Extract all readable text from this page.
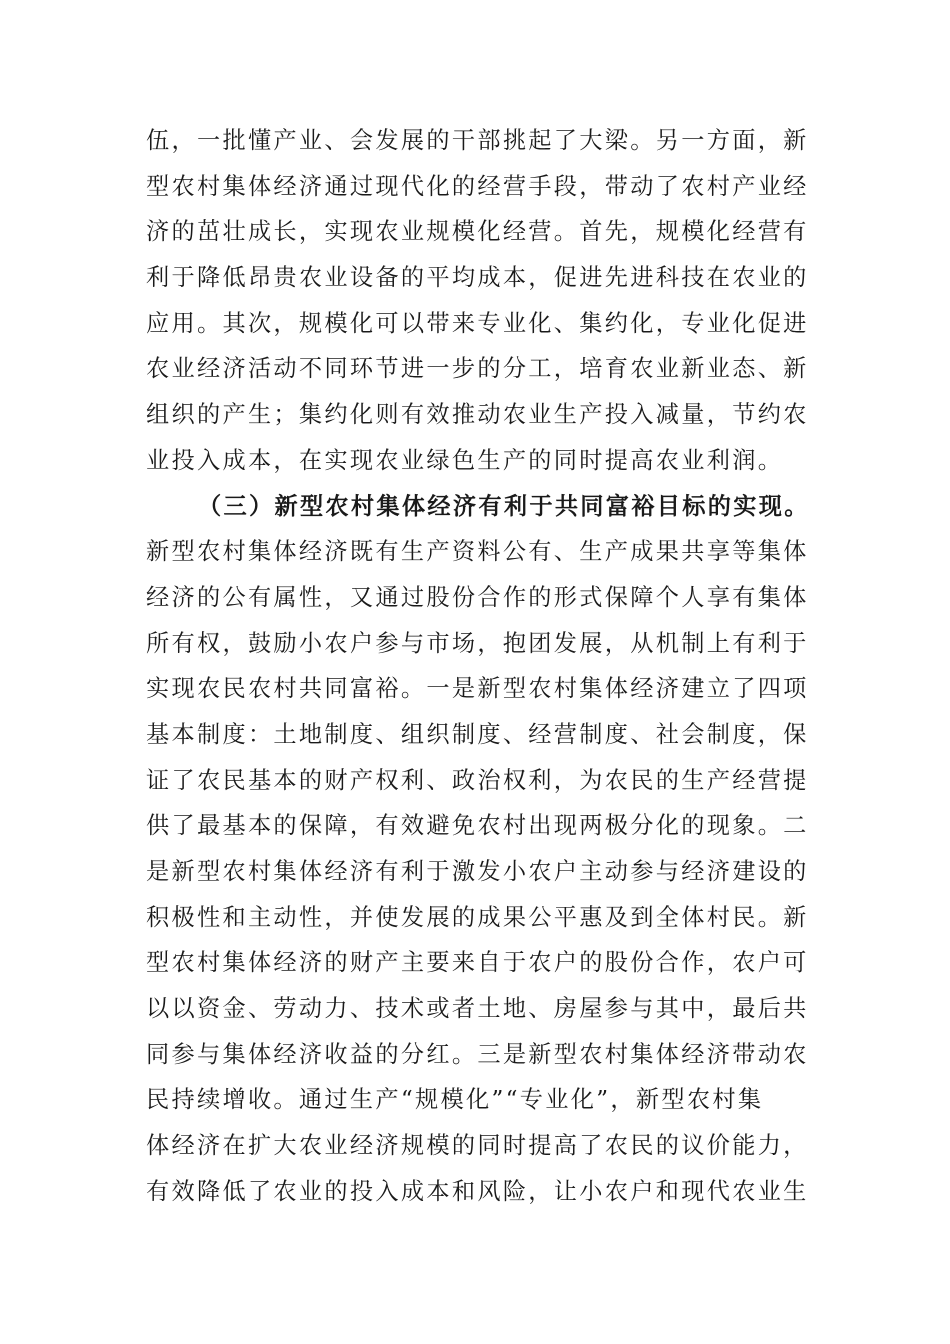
伍，一批懂产业、会发展的干部挑起了大梁。另一方面，新
型农村集体经济通过现代化的经营手段，带动了农村产业经
济的茁壮成长，实现农业规模化经营。首先，规模化经营有
利于降低昂贵农业设备的平均成本，促进先进科技在农业的
应用。其次，规模化可以带来专业化、集约化，专业化促进
农业经济活动不同环节进一步的分工，培育农业新业态、新
组织的产生；集约化则有效推动农业生产投入减量，节约农
业投入成本，在实现农业绿色生产的同时提高农业利润。
（三）新型农村集体经济有利于共同富裕目标的实现。
新型农村集体经济既有生产资料公有、生产成果共享等集体
经济的公有属性，又通过股份合作的形式保障个人享有集体
所有权，鼓励小农户参与市场，抱团发展，从机制上有利于
实现农民农村共同富裕。一是新型农村集体经济建立了四项
基本制度：土地制度、组织制度、经营制度、社会制度，保
证了农民基本的财产权利、政治权利，为农民的生产经营提
供了最基本的保障，有效避免农村出现两极分化的现象。二
是新型农村集体经济有利于激发小农户主动参与经济建设的
积极性和主动性，并使发展的成果公平惠及到全体村民。新
型农村集体经济的财产主要来自于农户的股份合作，农户可
以以资金、劳动力、技术或者土地、房屋参与其中，最后共
同参与集体经济收益的分红。三是新型农村集体经济带动农
民持续增收。通过生产“规模化”“专业化”，新型农村集
体经济在扩大农业经济规模的同时提高了农民的议价能力，
有效降低了农业的投入成本和风险，让小农户和现代农业生
